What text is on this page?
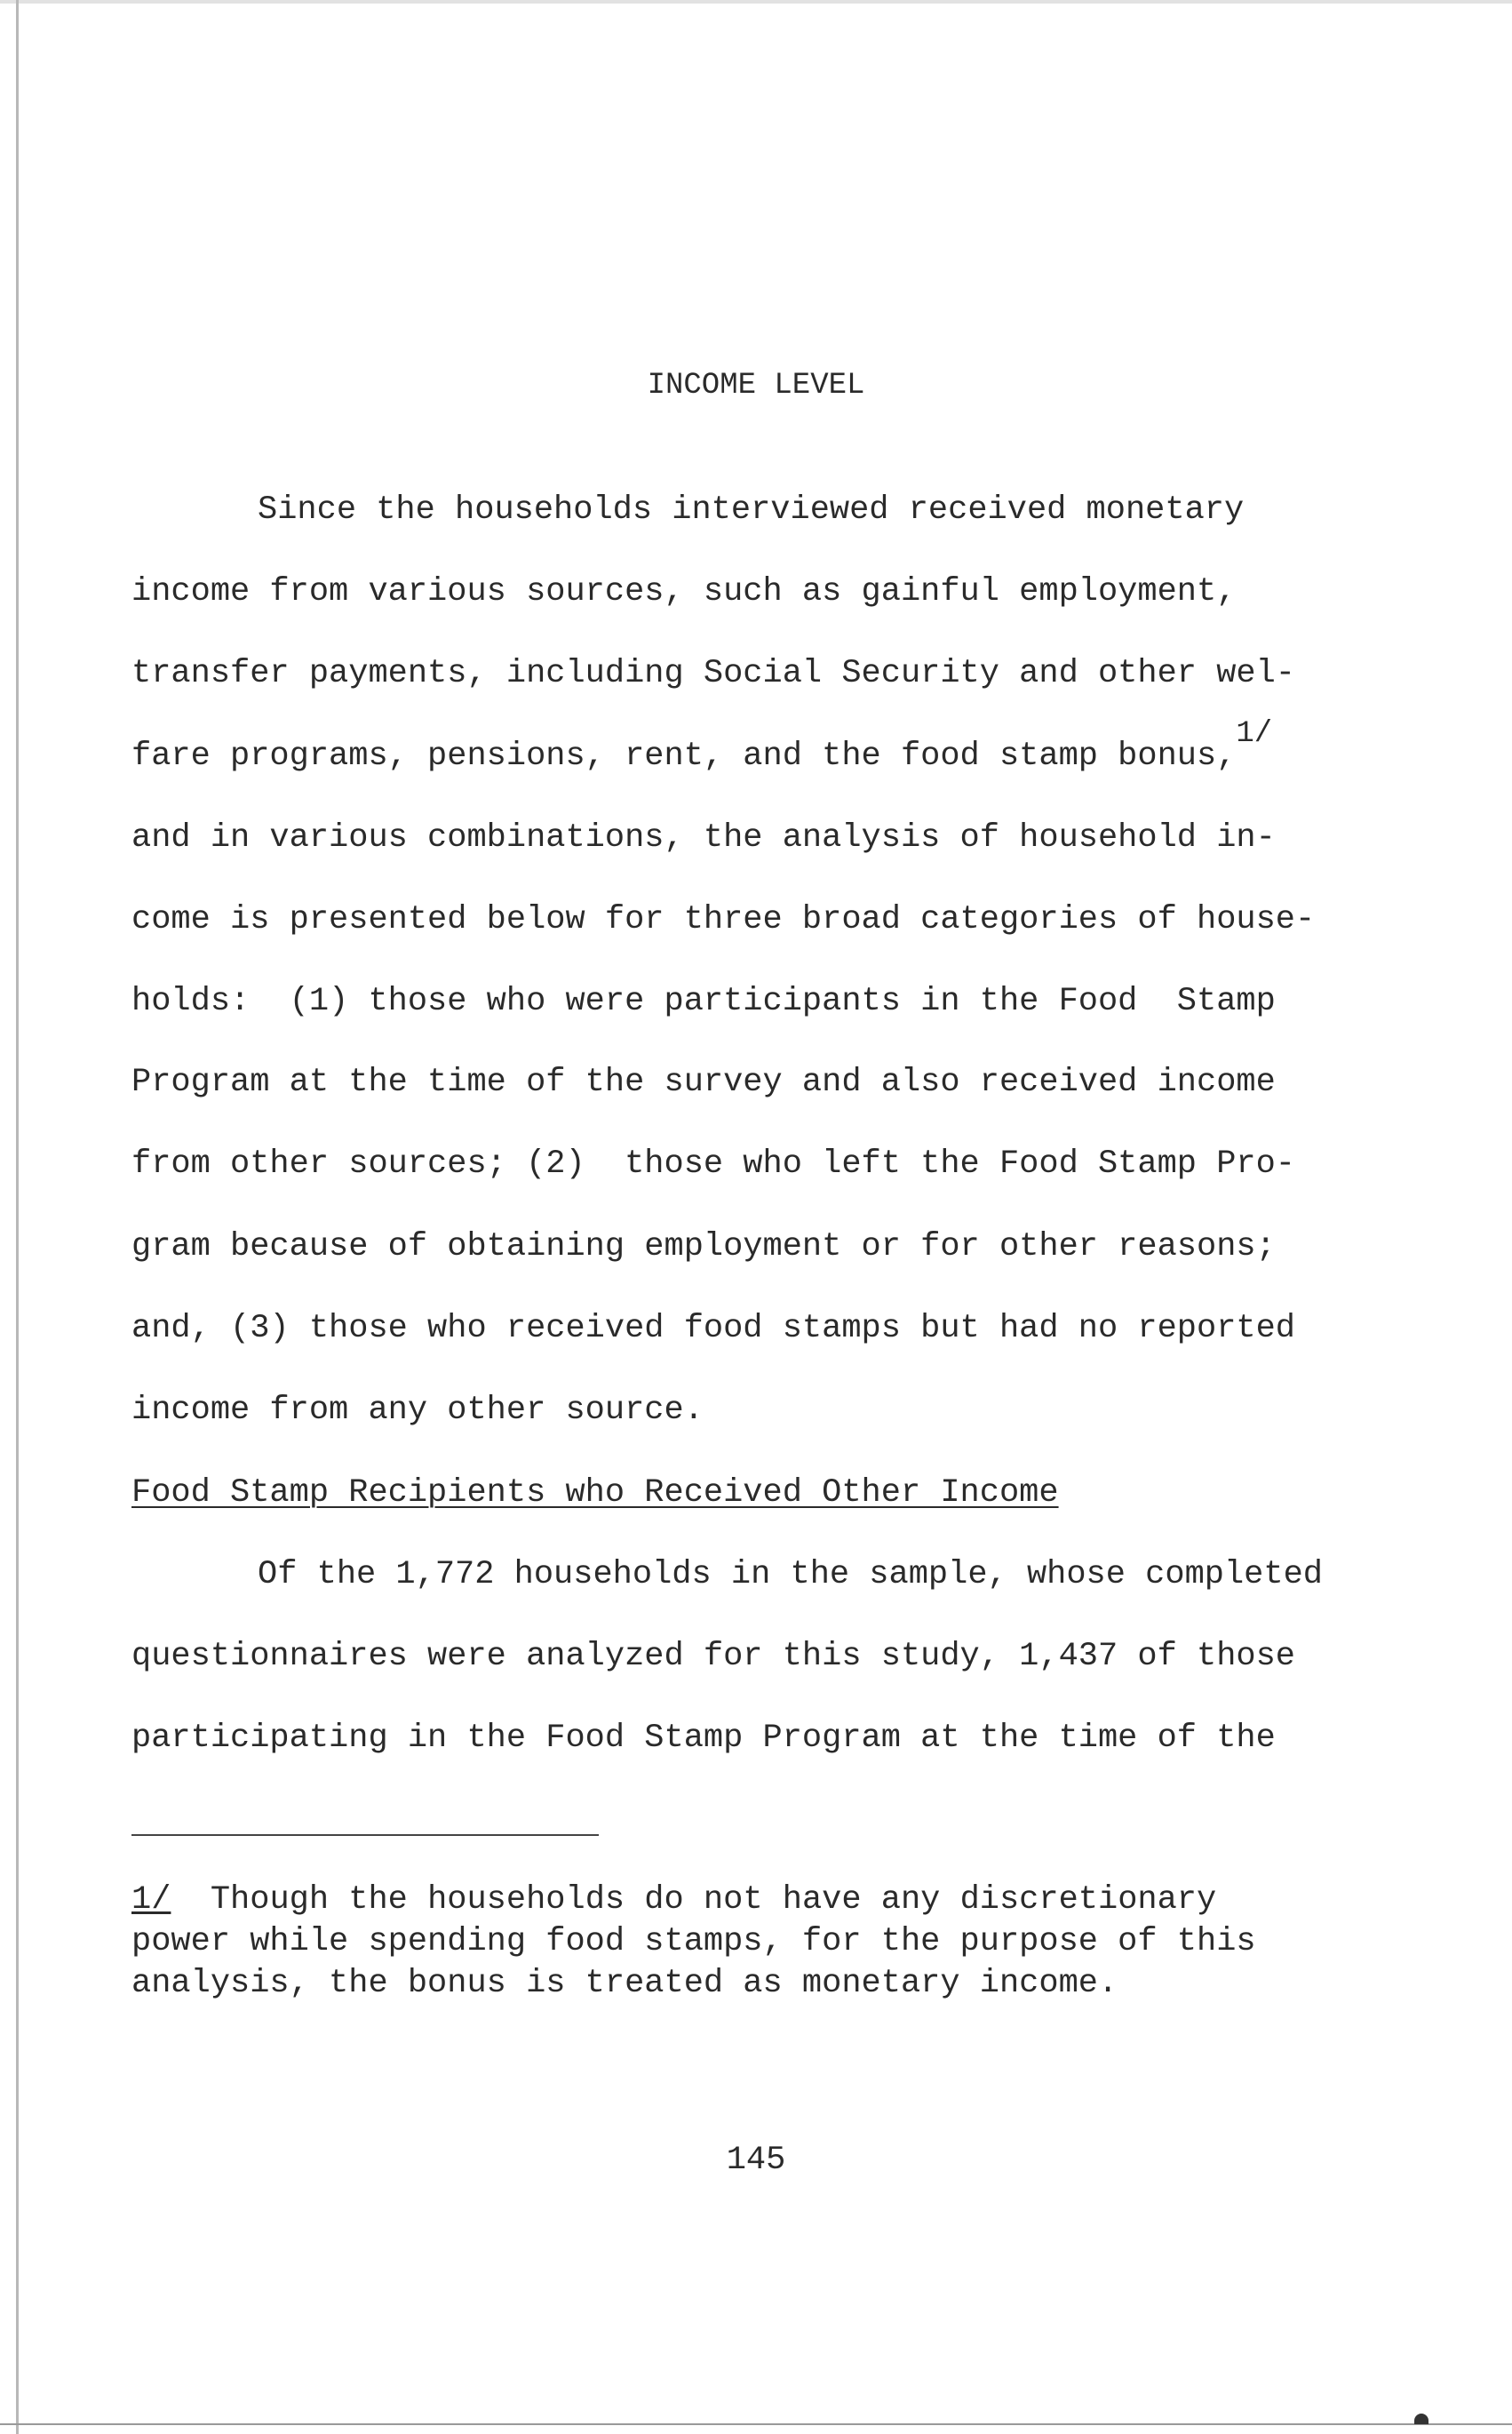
INCOME LEVEL
Since the households interviewed received monetary
income from various sources, such as gainful employment,
transfer payments, including Social Security and other wel-
fare programs, pensions, rent, and the food stamp bonus,1/
and in various combinations, the analysis of household in-
come is presented below for three broad categories of house-
holds:  (1) those who were participants in the Food  Stamp
Program at the time of the survey and also received income
from other sources; (2)  those who left the Food Stamp Pro-
gram because of obtaining employment or for other reasons;
and, (3) those who received food stamps but had no reported
income from any other source.
Food Stamp Recipients who Received Other Income
Of the 1,772 households in the sample, whose completed
questionnaires were analyzed for this study, 1,437 of those
participating in the Food Stamp Program at the time of the
1/  Though the households do not have any discretionary
power while spending food stamps, for the purpose of this
analysis, the bonus is treated as monetary income.
145
